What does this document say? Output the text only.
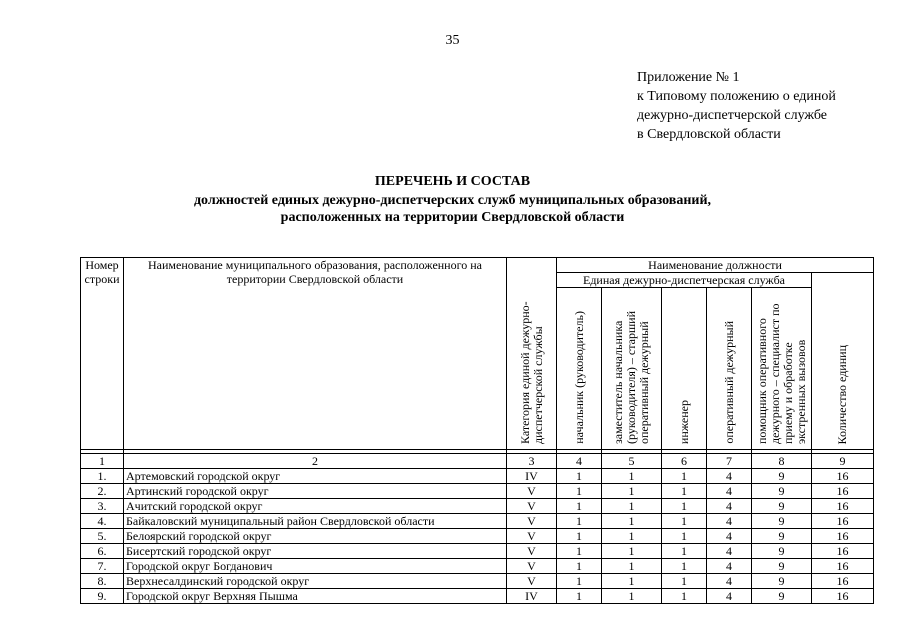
35
Приложение № 1
к Типовому положению о единой
дежурно-диспетчерской службе
в Свердловской области
ПЕРЕЧЕНЬ И СОСТАВ
должностей единых дежурно-диспетчерских служб муниципальных образований,
расположенных на территории Свердловской области
Номер строки	Наименование муниципального образования, расположенного на территории Свердловской области	Категория единой дежурно-диспетчерской службы	Наименование должности					
			Единая дежурно-диспетчерская служба					Количество единиц
			начальник (руководитель)	заместитель начальника (руководителя) – старший оперативный дежурный	инженер	оперативный дежурный	помощник оперативного дежурного – специалист по приему и обработке экстренных вызовов	

1	2	3	4	5	6	7	8	9
1.	Артемовский городской округ	IV	1	1	1	4	9	16
2.	Артинский городской округ	V	1	1	1	4	9	16
3.	Ачитский городской округ	V	1	1	1	4	9	16
4.	Байкаловский муниципальный район Свердловской области	V	1	1	1	4	9	16
5.	Белоярский городской округ	V	1	1	1	4	9	16
6.	Бисертский городской округ	V	1	1	1	4	9	16
7.	Городской округ Богданович	V	1	1	1	4	9	16
8.	Верхнесалдинский городской округ	V	1	1	1	4	9	16
9.	Городской округ Верхняя Пышма	IV	1	1	1	4	9	16
